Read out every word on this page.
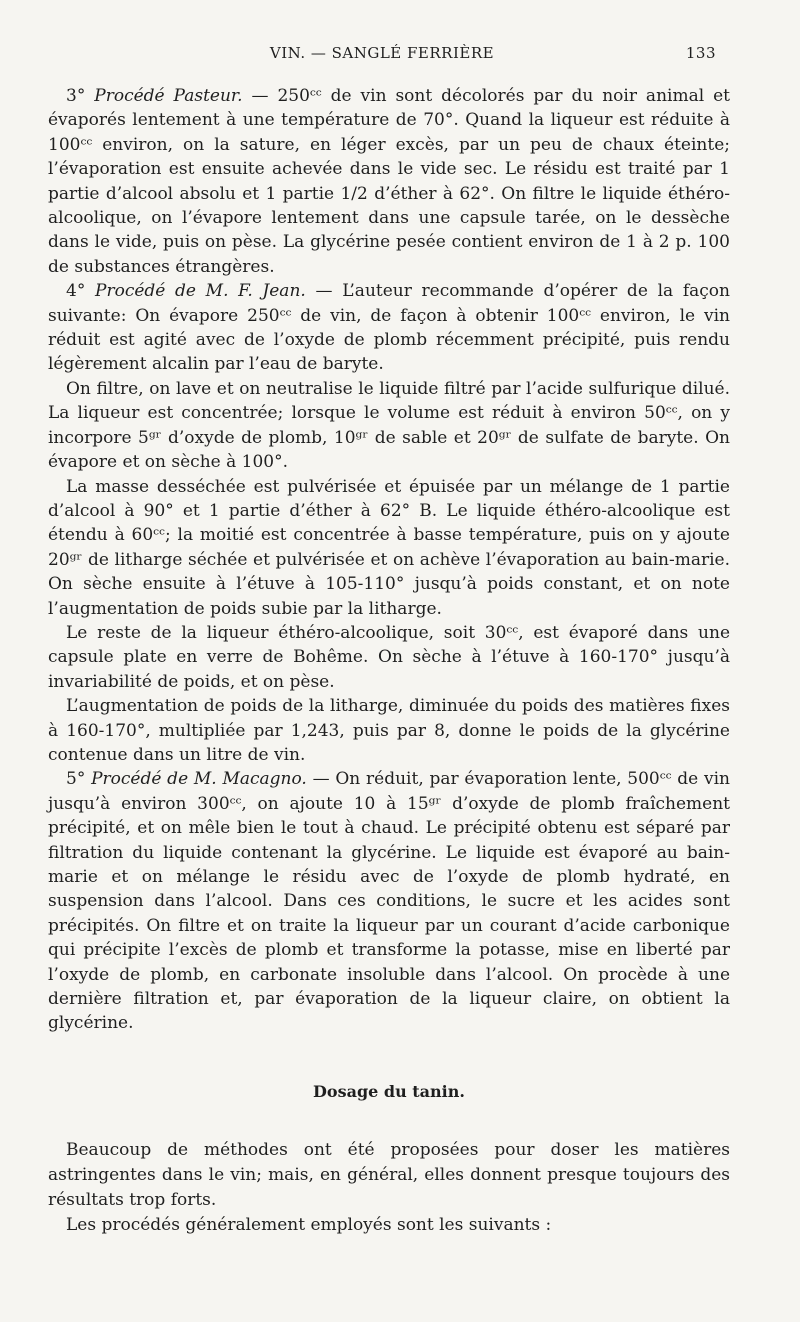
VIN. — SANGLÉ FERRIÈRE	133

3° Procédé Pasteur. — 250ᶜᶜ de vin sont décolorés par du noir animal et évaporés lentement à une température de 70°. Quand la liqueur est réduite à 100ᶜᶜ environ, on la sature, en léger excès, par un peu de chaux éteinte; l’évaporation est ensuite achevée dans le vide sec. Le résidu est traité par 1 partie d’alcool absolu et 1 partie 1/2 d’éther à 62°. On filtre le liquide éthéro-alcoolique, on l’évapore lentement dans une capsule tarée, on le dessèche dans le vide, puis on pèse. La glycérine pesée contient environ de 1 à 2 p. 100 de substances étrangères.

4° Procédé de M. F. Jean. — L’auteur recommande d’opérer de la façon suivante: On évapore 250ᶜᶜ de vin, de façon à obtenir 100ᶜᶜ environ, le vin réduit est agité avec de l’oxyde de plomb récemment précipité, puis rendu légèrement alcalin par l’eau de baryte.

On filtre, on lave et on neutralise le liquide filtré par l’acide sulfurique dilué. La liqueur est concentrée; lorsque le volume est réduit à environ 50ᶜᶜ, on y incorpore 5ᵍʳ d’oxyde de plomb, 10ᵍʳ de sable et 20ᵍʳ de sulfate de baryte. On évapore et on sèche à 100°.

La masse desséchée est pulvérisée et épuisée par un mélange de 1 partie d’alcool à 90° et 1 partie d’éther à 62° B. Le liquide éthéro-alcoolique est étendu à 60ᶜᶜ; la moitié est concentrée à basse température, puis on y ajoute 20ᵍʳ de litharge séchée et pulvérisée et on achève l’évaporation au bain-marie. On sèche ensuite à l’étuve à 105-110° jusqu’à poids constant, et on note l’augmentation de poids subie par la litharge.

Le reste de la liqueur éthéro-alcoolique, soit 30ᶜᶜ, est évaporé dans une capsule plate en verre de Bohême. On sèche à l’étuve à 160-170° jusqu’à invariabilité de poids, et on pèse.

L’augmentation de poids de la litharge, diminuée du poids des matières fixes à 160-170°, multipliée par 1,243, puis par 8, donne le poids de la glycérine contenue dans un litre de vin.

5° Procédé de M. Macagno. — On réduit, par évaporation lente, 500ᶜᶜ de vin jusqu’à environ 300ᶜᶜ, on ajoute 10 à 15ᵍʳ d’oxyde de plomb fraîchement précipité, et on mêle bien le tout à chaud. Le précipité obtenu est séparé par filtration du liquide contenant la glycérine. Le liquide est évaporé au bain-marie et on mélange le résidu avec de l’oxyde de plomb hydraté, en suspension dans l’alcool. Dans ces conditions, le sucre et les acides sont précipités. On filtre et on traite la liqueur par un courant d’acide carbonique qui précipite l’excès de plomb et transforme la potasse, mise en liberté par l’oxyde de plomb, en carbonate insoluble dans l’alcool. On procède à une dernière filtration et, par évaporation de la liqueur claire, on obtient la glycérine.

Dosage du tanin.

Beaucoup de méthodes ont été proposées pour doser les matières astringentes dans le vin; mais, en général, elles donnent presque toujours des résultats trop forts.

Les procédés généralement employés sont les suivants :
